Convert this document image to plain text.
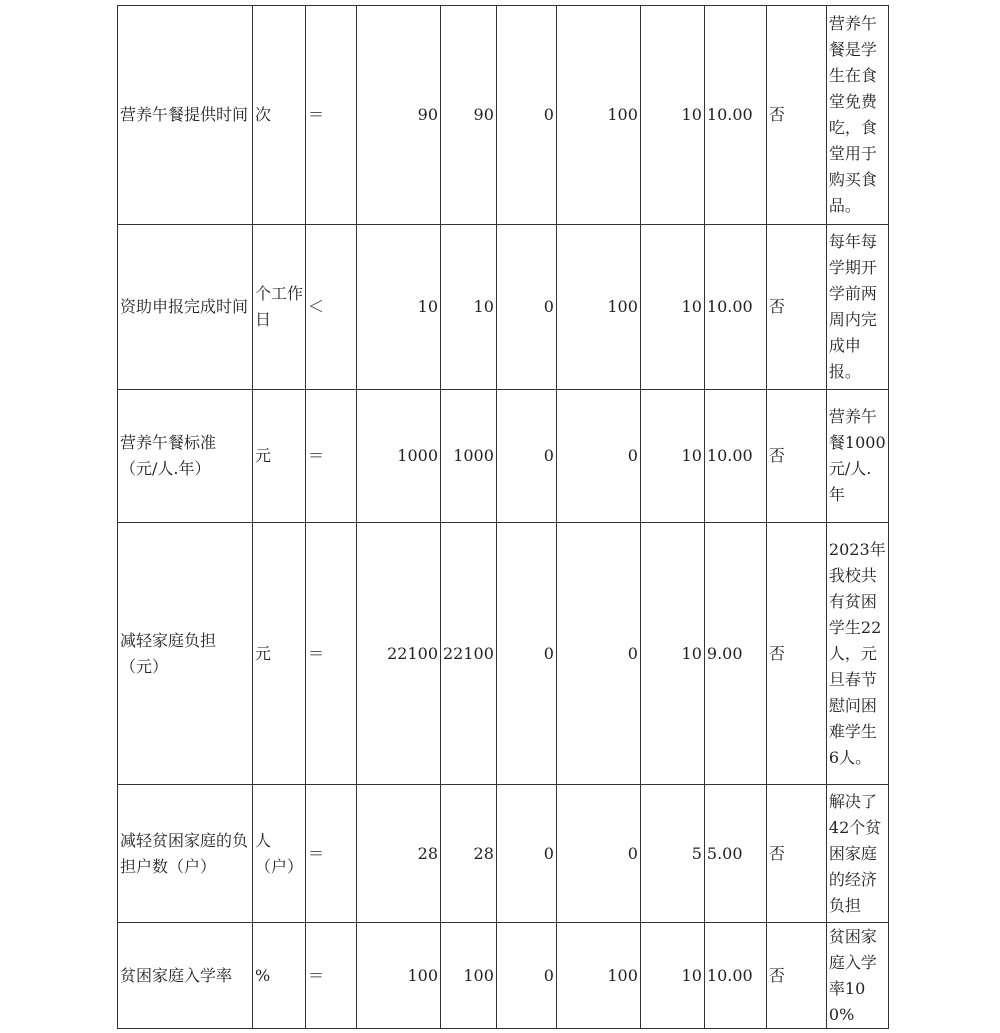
营养午餐提供时间	次	＝	90	90	0	100	10	10.00	否	营养午餐是学生在食堂免费吃，食堂用于购买食品。
资助申报完成时间	个工作日	＜	10	10	0	100	10	10.00	否	每年每学期开学前两周内完成申报。
营养午餐标准（元/人.年）	元	＝	1000	1000	0	0	10	10.00	否	营养午餐1000元/人.年
减轻家庭负担（元）	元	＝	22100	22100	0	0	10	9.00	否	2023年我校共有贫困学生22人，元旦春节慰问困难学生6人。
减轻贫困家庭的负担户数（户）	人（户）	＝	28	28	0	0	5	5.00	否	解决了42个贫困家庭的经济负担
贫困家庭入学率	%	＝	100	100	0	100	10	10.00	否	贫困家庭入学率100%
